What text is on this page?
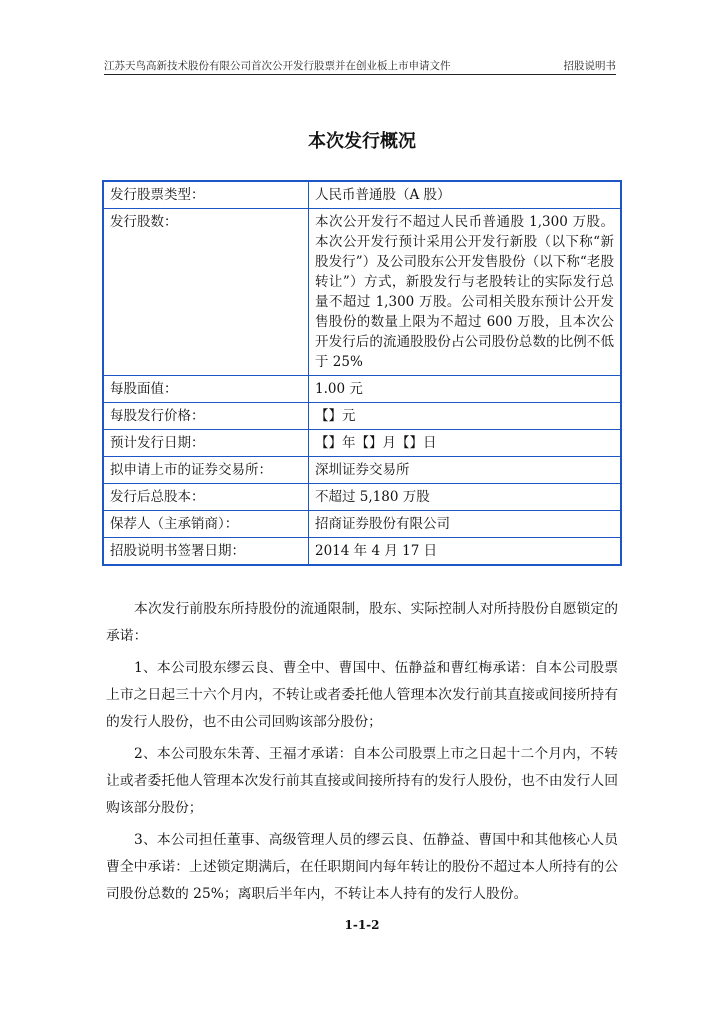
江苏天鸟高新技术股份有限公司首次公开发行股票并在创业板上市申请文件	招股说明书
本次发行概况
发行股票类型：	人民币普通股（A 股）
发行股数：	本次公开发行不超过人民币普通股 1,300 万股。本次公开发行预计采用公开发行新股（以下称“新股发行”）及公司股东公开发售股份（以下称“老股转让”）方式，新股发行与老股转让的实际发行总量不超过 1,300 万股。公司相关股东预计公开发售股份的数量上限为不超过 600 万股，且本次公开发行后的流通股股份占公司股份总数的比例不低于 25%
每股面值：	1.00 元
每股发行价格：	【】元
预计发行日期：	【】年【】月【】日
拟申请上市的证券交易所：	深圳证券交易所
发行后总股本：	不超过 5,180 万股
保荐人（主承销商）：	招商证券股份有限公司
招股说明书签署日期：	2014 年 4 月 17 日

本次发行前股东所持股份的流通限制，股东、实际控制人对所持股份自愿锁定的承诺：

1、本公司股东缪云良、曹全中、曹国中、伍静益和曹红梅承诺：自本公司股票上市之日起三十六个月内，不转让或者委托他人管理本次发行前其直接或间接所持有的发行人股份，也不由公司回购该部分股份；

2、本公司股东朱菁、王福才承诺：自本公司股票上市之日起十二个月内，不转让或者委托他人管理本次发行前其直接或间接所持有的发行人股份，也不由发行人回购该部分股份；

3、本公司担任董事、高级管理人员的缪云良、伍静益、曹国中和其他核心人员曹全中承诺：上述锁定期满后，在任职期间内每年转让的股份不超过本人所持有的公司股份总数的 25%；离职后半年内，不转让本人持有的发行人股份。

1-1-2
